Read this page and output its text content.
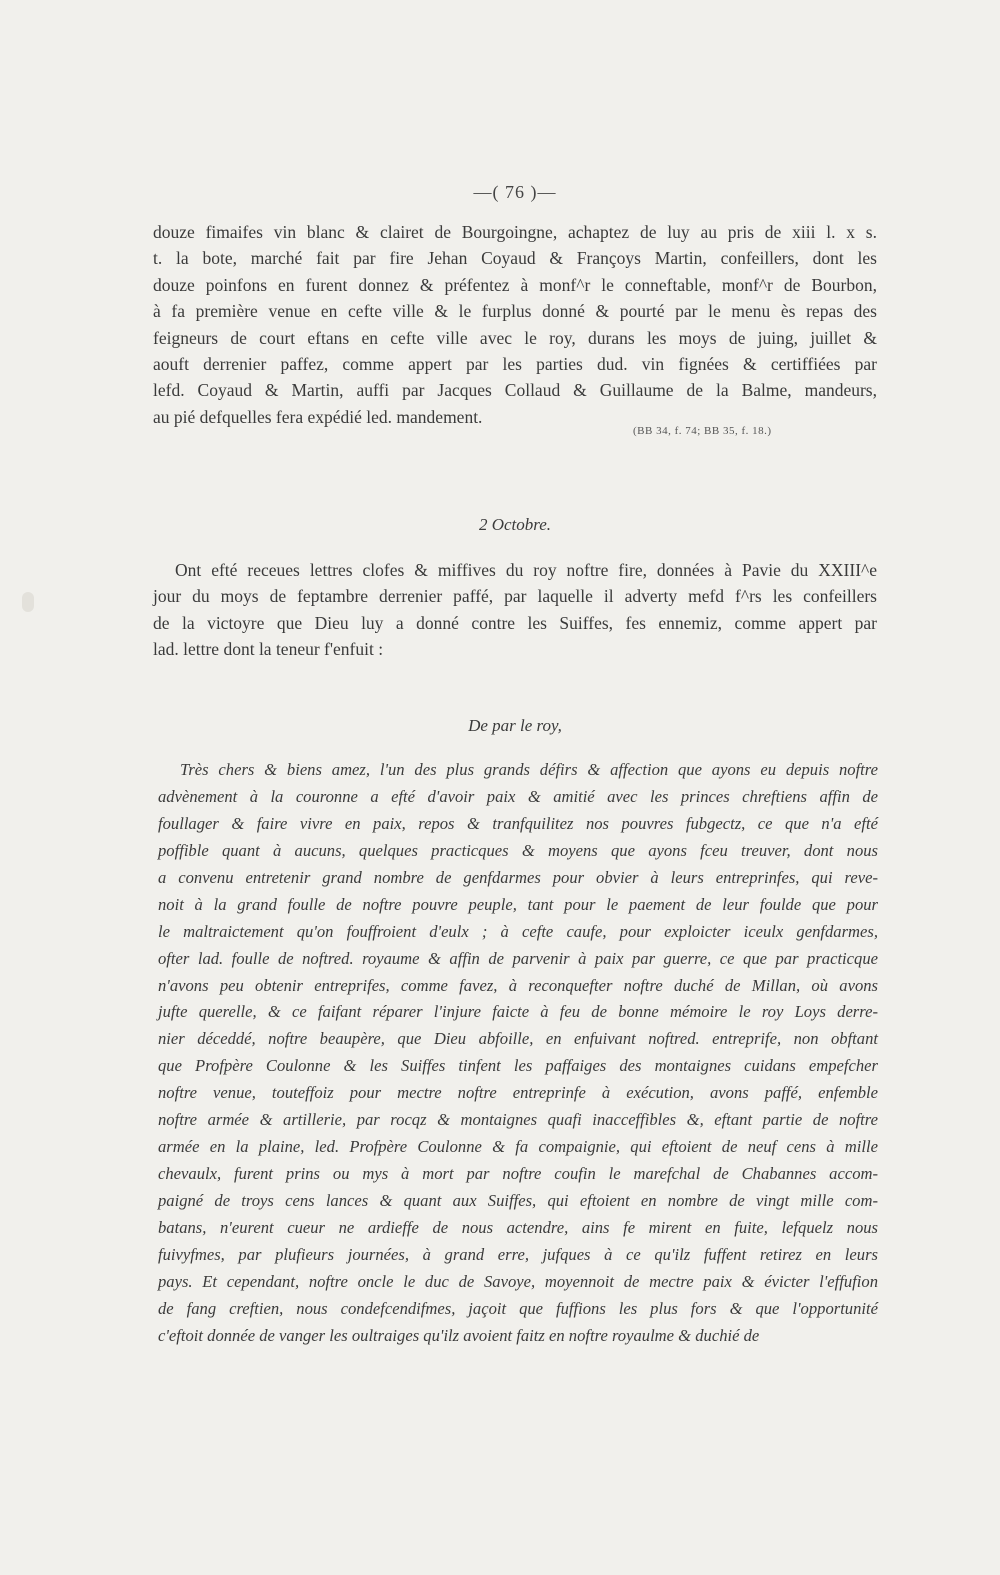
—( 76 )—
douze fimaifes vin blanc & clairet de Bourgoingne, achaptez de luy au pris de xiii l. x s.
t. la bote, marché fait par fire Jehan Coyaud & Françoys Martin, confeillers, dont les
douze poinfons en furent donnez & préfentez à monf^r le conneftable, monf^r de Bourbon,
à fa première venue en cefte ville & le furplus donné & pourté par le menu ès repas des
feigneurs de court eftans en cefte ville avec le roy, durans les moys de juing, juillet &
aouft derrenier paffez, comme appert par les parties dud. vin fignées & certiffiées par
lefd. Coyaud & Martin, auffi par Jacques Collaud & Guillaume de la Balme, mandeurs,
au pié defquelles fera expédié led. mandement.
(BB 34, f. 74; BB 35, f. 18.)
2 Octobre.
Ont efté receues lettres clofes & miffives du roy noftre fire, données à Pavie du XXIII^e
jour du moys de feptambre derrenier paffé, par laquelle il adverty mefd f^rs les confeillers
de la victoyre que Dieu luy a donné contre les Suiffes, fes ennemiz, comme appert par
lad. lettre dont la teneur f'enfuit :
De par le roy,
Très chers & biens amez, l'un des plus grands défirs & affection que ayons eu depuis noftre
advènement à la couronne a efté d'avoir paix & amitié avec les princes chreftiens affin de
foullager & faire vivre en paix, repos & tranfquilitez nos pouvres fubgectz, ce que n'a efté
poffible quant à aucuns, quelques practicques & moyens que ayons fceu treuver, dont nous
a convenu entretenir grand nombre de genfdarmes pour obvier à leurs entreprinfes, qui reve-
noit à la grand foulle de noftre pouvre peuple, tant pour le paement de leur foulde que pour
le maltraictement qu'on fouffroient d'eulx ; à cefte caufe, pour exploicter iceulx genfdarmes,
ofter lad. foulle de noftred. royaume & affin de parvenir à paix par guerre, ce que par practicque
n'avons peu obtenir entreprifes, comme favez, à reconquefter noftre duché de Millan, où avons
jufte querelle, & ce faifant réparer l'injure faicte à feu de bonne mémoire le roy Loys derre-
nier déceddé, noftre beaupère, que Dieu abfoille, en enfuivant noftred. entreprife, non obftant
que Profpère Coulonne & les Suiffes tinfent les paffaiges des montaignes cuidans empefcher
noftre venue, touteffoiz pour mectre noftre entreprinfe à exécution, avons paffé, enfemble
noftre armée & artillerie, par rocqz & montaignes quafi inacceffibles &, eftant partie de noftre
armée en la plaine, led. Profpère Coulonne & fa compaignie, qui eftoient de neuf cens à mille
chevaulx, furent prins ou mys à mort par noftre coufin le marefchal de Chabannes accom-
paigné de troys cens lances & quant aux Suiffes, qui eftoient en nombre de vingt mille com-
batans, n'eurent cueur ne ardieffe de nous actendre, ains fe mirent en fuite, lefquelz nous
fuivyfmes, par plufieurs journées, à grand erre, jufques à ce qu'ilz fuffent retirez en leurs
pays. Et cependant, noftre oncle le duc de Savoye, moyennoit de mectre paix & évicter l'effufion
de fang creftien, nous condefcendifmes, jaçoit que fuffions les plus fors & que l'opportunité
c'eftoit donnée de vanger les oultraiges qu'ilz avoient faitz en noftre royaulme & duchié de
